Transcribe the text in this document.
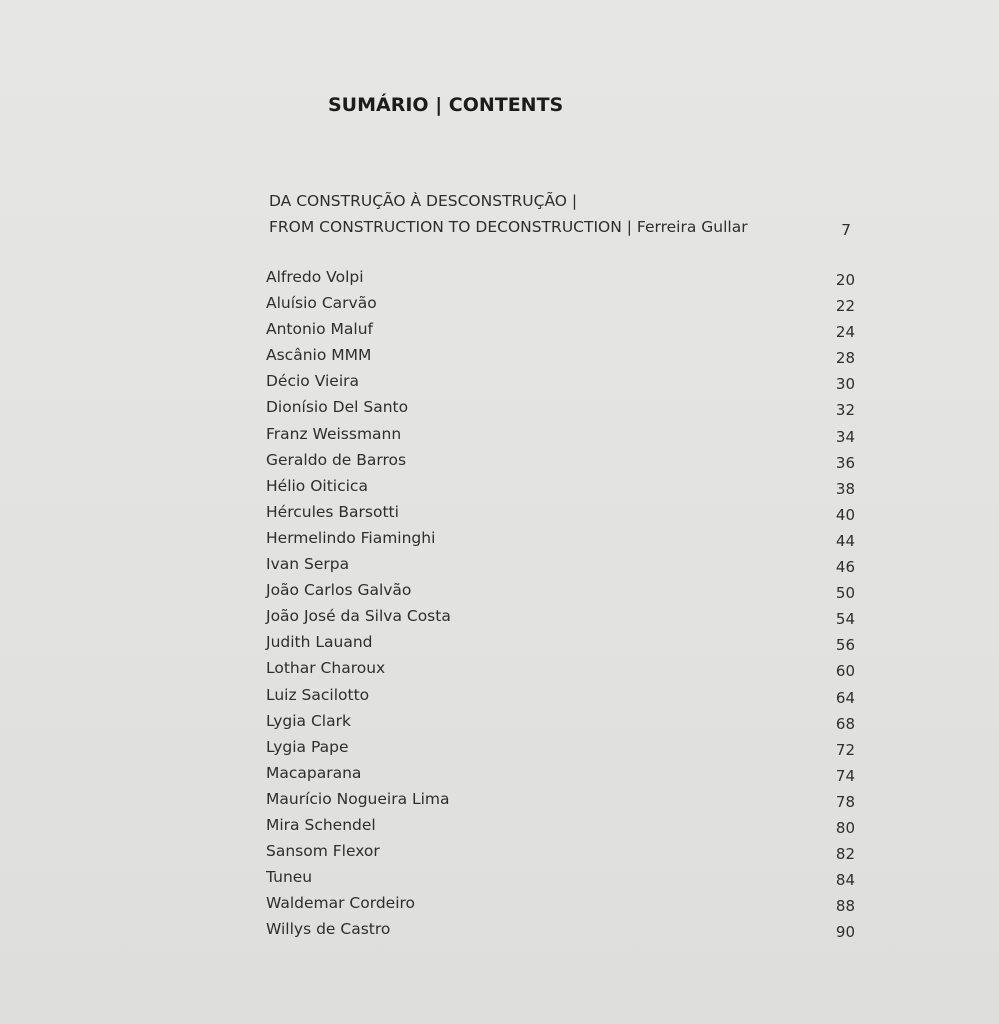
SUMÁRIO | CONTENTS
DA CONSTRUÇÃO À DESCONSTRUÇÃO |
FROM CONSTRUCTION TO DECONSTRUCTION | Ferreira Gullar	7
Alfredo Volpi	20
Aluísio Carvão	22
Antonio Maluf	24
Ascânio MMM	28
Décio Vieira	30
Dionísio Del Santo	32
Franz Weissmann	34
Geraldo de Barros	36
Hélio Oiticica	38
Hércules Barsotti	40
Hermelindo Fiaminghi	44
Ivan Serpa	46
João Carlos Galvão	50
João José da Silva Costa	54
Judith Lauand	56
Lothar Charoux	60
Luiz Sacilotto	64
Lygia Clark	68
Lygia Pape	72
Macaparana	74
Maurício Nogueira Lima	78
Mira Schendel	80
Sansom Flexor	82
Tuneu	84
Waldemar Cordeiro	88
Willys de Castro	90
